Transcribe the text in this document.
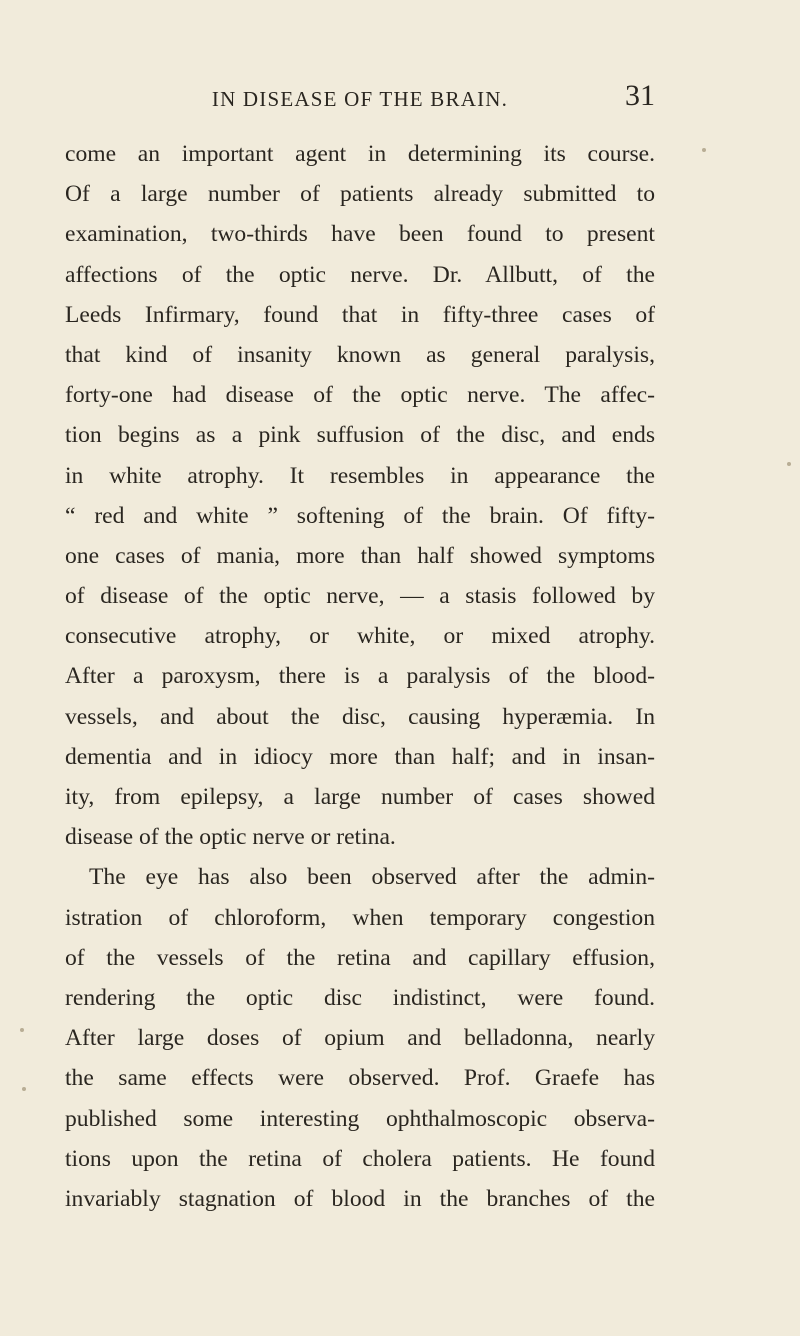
IN DISEASE OF THE BRAIN.	31
come an important agent in determining its course.
Of a large number of patients already submitted to
examination, two-thirds have been found to present
affections of the optic nerve. Dr. Allbutt, of the
Leeds Infirmary, found that in fifty-three cases of
that kind of insanity known as general paralysis,
forty-one had disease of the optic nerve. The affec-
tion begins as a pink suffusion of the disc, and ends
in white atrophy. It resembles in appearance the
“ red and white ” softening of the brain. Of fifty-
one cases of mania, more than half showed symptoms
of disease of the optic nerve, — a stasis followed by
consecutive atrophy, or white, or mixed atrophy.
After a paroxysm, there is a paralysis of the blood-
vessels, and about the disc, causing hyperæmia. In
dementia and in idiocy more than half; and in insan-
ity, from epilepsy, a large number of cases showed
disease of the optic nerve or retina.
The eye has also been observed after the admin-
istration of chloroform, when temporary congestion
of the vessels of the retina and capillary effusion,
rendering the optic disc indistinct, were found.
After large doses of opium and belladonna, nearly
the same effects were observed. Prof. Graefe has
published some interesting ophthalmoscopic observa-
tions upon the retina of cholera patients. He found
invariably stagnation of blood in the branches of the
